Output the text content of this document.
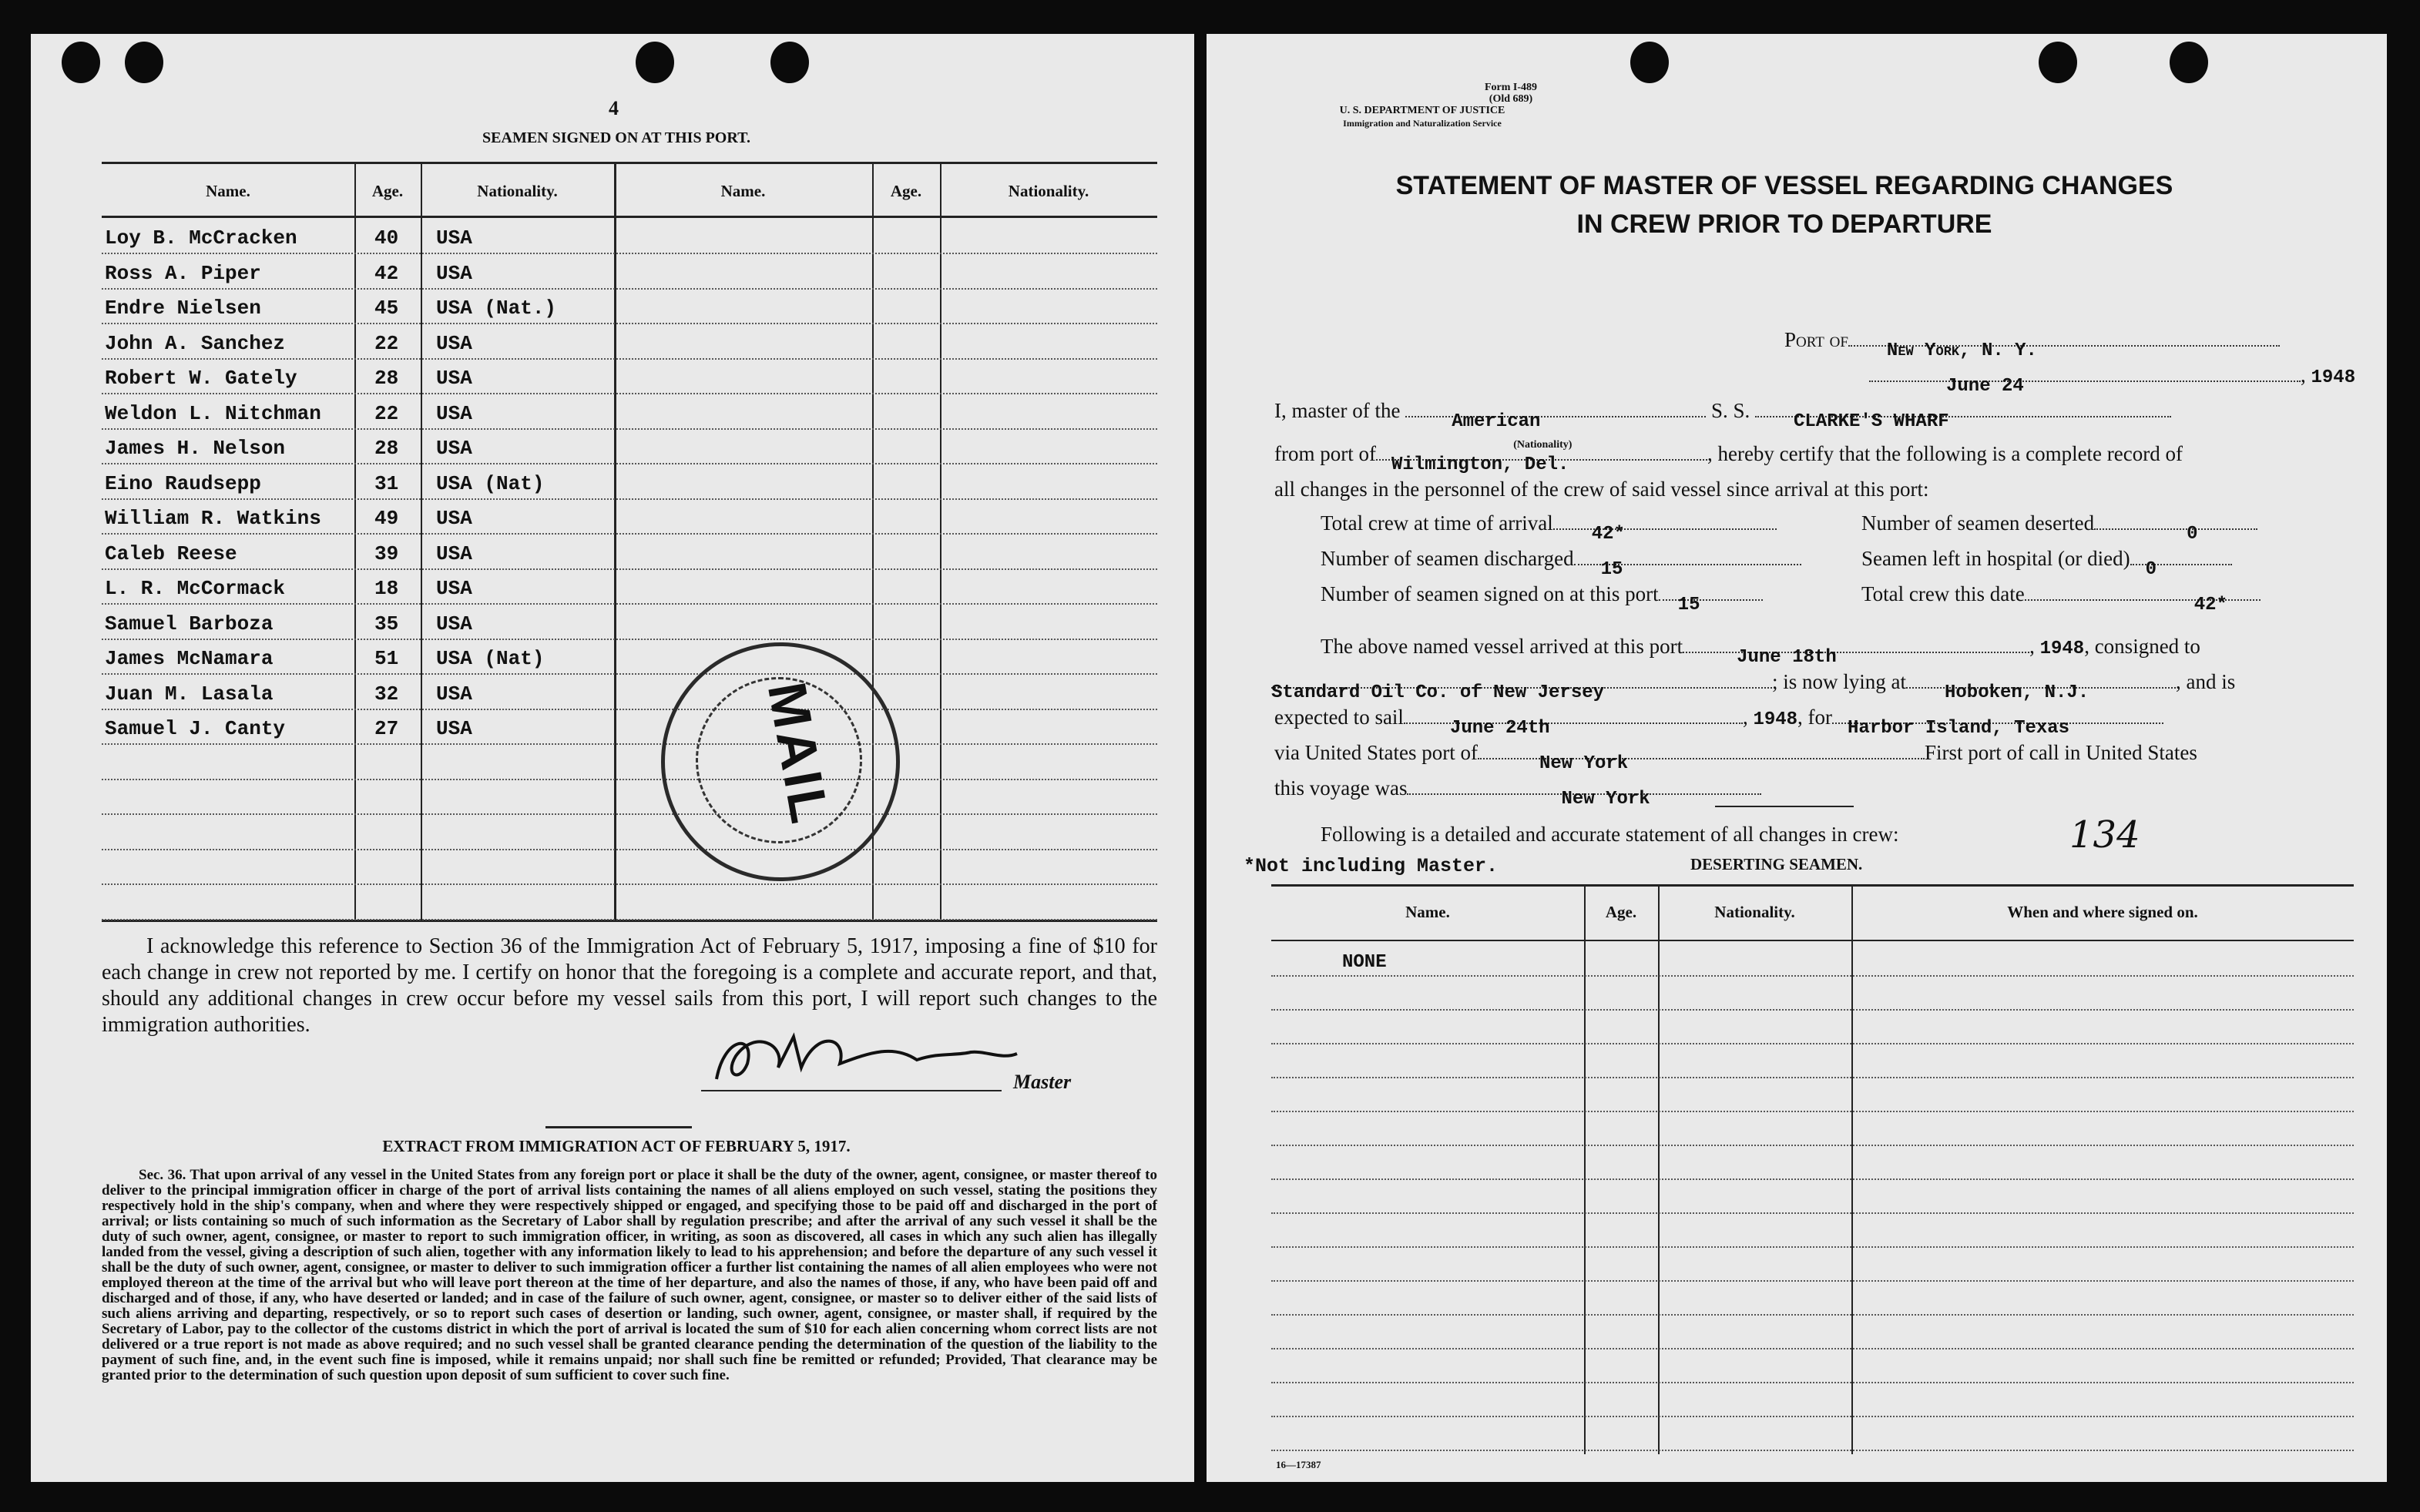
4
SEAMEN SIGNED ON AT THIS PORT.
Name.	Age.	Nationality.	Name.	Age.	Nationality.
Loy B. McCracken	40 USA
Ross A. Piper	42 USA
Endre Nielsen	45 USA (Nat.)
John A. Sanchez	22 USA
Robert W. Gately	28 USA
Weldon L. Nitchman	22 USA
James H. Nelson	28 USA
Eino Raudsepp	31 USA (Nat)
William R. Watkins	49 USA
Caleb Reese	39 USA
L. R. McCormack	18 USA
Samuel Barboza	35 USA
James McNamara	51 USA (Nat)
Juan M. Lasala	32 USA
Samuel J. Canty	27 USA	MAIL
I acknowledge this reference to Section 36 of the Immigration Act of February 5, 1917, imposing a fine of $10 for each change in crew not reported by me. I certify on honor that the foregoing is a complete and accurate report, and that, should any additional changes in crew occur before my vessel sails from this port, I will report such changes to the immigration authorities.
Master
EXTRACT FROM IMMIGRATION ACT OF FEBRUARY 5, 1917.
Sec. 36. That upon arrival of any vessel in the United States from any foreign port or place it shall be the duty of the owner, agent, consignee, or master thereof to deliver to the principal immigration officer in charge of the port of arrival lists containing the names of all aliens employed on such vessel, stating the positions they respectively hold in the ship's company, when and where they were respectively shipped or engaged, and specifying those to be paid off and discharged in the port of arrival; or lists containing so much of such information as the Secretary of Labor shall by regulation prescribe; and after the arrival of any such vessel it shall be the duty of such owner, agent, consignee, or master to report to such immigration officer, in writing, as soon as discovered, all cases in which any such alien has illegally landed from the vessel, giving a description of such alien, together with any information likely to lead to his apprehension; and before the departure of any such vessel it shall be the duty of such owner, agent, consignee, or master to deliver to such immigration officer a further list containing the names of all alien employees who were not employed thereon at the time of the arrival but who will leave port thereon at the time of her departure, and also the names of those, if any, who have been paid off and discharged and of those, if any, who have deserted or landed; and in case of the failure of such owner, agent, consignee, or master so to deliver either of the said lists of such aliens arriving and departing, respectively, or so to report such cases of desertion or landing, such owner, agent, consignee, or master shall, if required by the Secretary of Labor, pay to the collector of the customs district in which the port of arrival is located the sum of $10 for each alien concerning whom correct lists are not delivered or a true report is not made as above required; and no such vessel shall be granted clearance pending the determination of the question of the liability to the payment of such fine, and, in the event such fine is imposed, while it remains unpaid; nor shall such fine be remitted or refunded; Provided, That clearance may be granted prior to the determination of such question upon deposit of sum sufficient to cover such fine.
Form I-489
(Old 689)
U. S. DEPARTMENT OF JUSTICE
Immigration and Naturalization Service
STATEMENT OF MASTER OF VESSEL REGARDING CHANGES
IN CREW PRIOR TO DEPARTURE
Port of New York, N. Y.
June 24	, 1948
I, master of the	American
(Nationality)
S. S. CLARKE'S WHARF
from port of Wilmington, Del.	, hereby certify that the following is a complete record of
all changes in the personnel of the crew of said vessel since arrival at this port:
Total crew at time of arrival 42*
Number of seamen discharged 15
Number of seamen signed on at this port 15
Number of seamen deserted	0
Seamen left in hospital (or died) 0
Total crew this date	42*
The above named vessel arrived at this port	June 18th	, 1948, consigned to
Standard Oil Co. of New Jersey	; is now lying at Hoboken, N.J.	, and is
expected to sail	June 24th	, 1948, for Harbor Island, Texas
via United States port of	New York	First port of call in United States
this voyage was	New York
Following is a detailed and accurate statement of all changes in crew:	134
*Not including Master.	DESERTING SEAMEN.
Name.	Age.	Nationality.	When and where signed on.
NONE
16—17387
